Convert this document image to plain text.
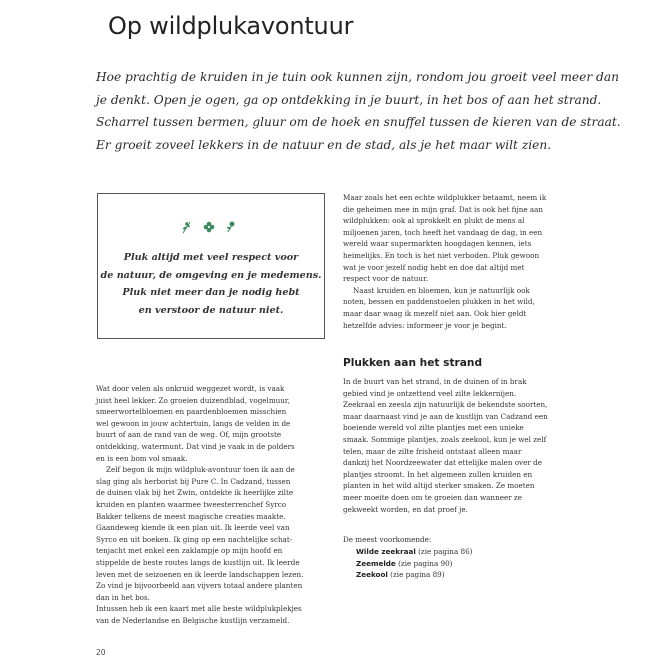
Op wildplukavontuur

Hoe prachtig de kruiden in je tuin ook kunnen zijn, rondom jou groeit veel meer dan

je denkt. Open je ogen, ga op ontdekking in je buurt, in het bos of aan het strand.

Scharrel tussen bermen, gluur om de hoek en snuffel tussen de kieren van de straat.

Er groeit zoveel lekkers in de natuur en de stad, als je het maar wilt zien.

Pluk altijd met veel respect voor

de natuur, de omgeving en je medemens.

Pluk niet meer dan je nodig hebt

en verstoor de natuur niet.

Wat door velen als onkruid weggezet wordt, is vaak
juist heel lekker. Zo groeien duizendblad, vogelmuur,
smeerwortelbloemen en paardenbloemen misschien
wel gewoon in jouw achtertuin, langs de velden in de
buurt of aan de rand van de weg. Of, mijn grootste
ontdekking, watermunt. Dat vind je vaak in de polders
en is een bom vol smaak.
Zelf begon ik mijn wildpluk-avontuur toen ik aan de
slag ging als herborist bij Pure C. In Cadzand, tussen
de duinen vlak bij het Zwin, ontdekte ik heerlijke zilte
kruiden en planten waarmee tweesterrenchef Syrco
Bakker telkens de meest magische creaties maakte.
Gaandeweg kiende ik een plan uit. Ik leerde veel van
Syrco en uit boeken. Ik ging op een nachtelijke schat-
tenjacht met enkel een zaklampje op mijn hoofd en
stippelde de beste routes langs de kustlijn uit. Ik leerde
leven met de seizoenen en ik leerde landschappen lezen.
Zo vind je bijvoorbeeld aan vijvers totaal andere planten
dan in het bos.
Intussen heb ik een kaart met alle beste wildplukplekjes
van de Nederlandse en Belgische kustlijn verzameld.
Maar zoals het een echte wildplukker betaamt, neem ik
die geheimen mee in mijn graf. Dat is ook het fijne aan
wildplukken: ook al sprokkelt en plukt de mens al
miljoenen jaren, toch heeft het vandaag de dag, in een
wereld waar supermarkten hoogdagen kennen, iets
heimelijks. En toch is het niet verboden. Pluk gewoon
wat je voor jezelf nodig hebt en doe dat altijd met
respect voor de natuur.
Naast kruiden en bloemen, kun je natuurlijk ook
noten, bessen en paddenstoelen plukken in het wild,
maar daar waag ik mezelf niet aan. Ook hier geldt
hetzelfde advies: informeer je voor je begint.
Plukken aan het strand
In de buurt van het strand, in de duinen of in brak
gebied vind je ontzettend veel zilte lekkernijen.
Zeekraal en zeesla zijn natuurlijk de bekendste soorten,
maar daarnaast vind je aan de kustlijn van Cadzand een
boeiende wereld vol zilte plantjes met een unieke
smaak. Sommige plantjes, zoals zeekool, kun je wel zelf
telen, maar de zilte frisheid ontstaat alleen maar
dankzij het Noordzeewater dat ettelijke malen over de
plantjes stroomt. In het algemeen zullen kruiden en
planten in het wild altijd sterker smaken. Ze moeten
meer moeite doen om te groeien dan wanneer ze
gekweekt worden, en dat proef je.
De meest voorkomende:
Wilde zeekraal (zie pagina 86)
Zeemelde (zie pagina 90)
Zeekool (zie pagina 89)
20
